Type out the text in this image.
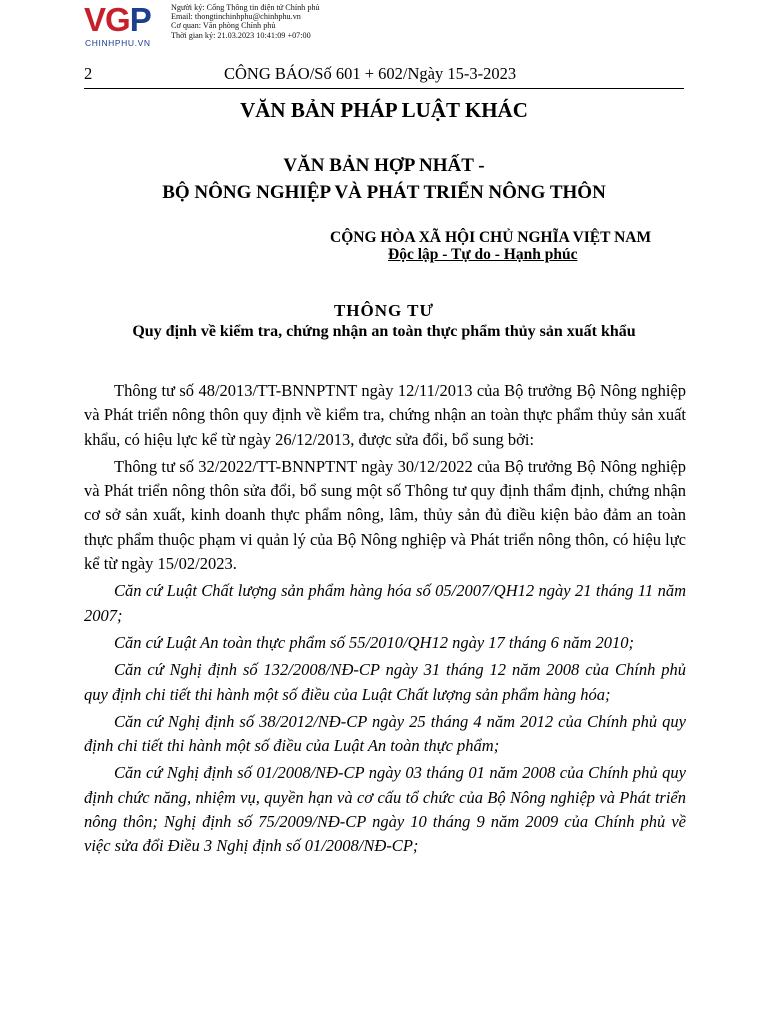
VGP
CHINHPHU.VN
Người ký: Cổng Thông tin điện tử Chính phủ
Email: thongtinchinhphu@chinhphu.vn
Cơ quan: Văn phòng Chính phủ
Thời gian ký: 21.03.2023 10:41:09 +07:00
2	CÔNG BÁO/Số 601 + 602/Ngày 15-3-2023
VĂN BẢN PHÁP LUẬT KHÁC
VĂN BẢN HỢP NHẤT -
BỘ NÔNG NGHIỆP VÀ PHÁT TRIỂN NÔNG THÔN
CỘNG HÒA XÃ HỘI CHỦ NGHĨA VIỆT NAM
Độc lập - Tự do - Hạnh phúc
THÔNG TƯ
Quy định về kiểm tra, chứng nhận an toàn thực phẩm thủy sản xuất khẩu

Thông tư số 48/2013/TT-BNNPTNT ngày 12/11/2013 của Bộ trưởng Bộ Nông nghiệp và Phát triển nông thôn quy định về kiểm tra, chứng nhận an toàn thực phẩm thủy sản xuất khẩu, có hiệu lực kể từ ngày 26/12/2013, được sửa đổi, bổ sung bởi:

Thông tư số 32/2022/TT-BNNPTNT ngày 30/12/2022 của Bộ trưởng Bộ Nông nghiệp và Phát triển nông thôn sửa đổi, bổ sung một số Thông tư quy định thẩm định, chứng nhận cơ sở sản xuất, kinh doanh thực phẩm nông, lâm, thủy sản đủ điều kiện bảo đảm an toàn thực phẩm thuộc phạm vi quản lý của Bộ Nông nghiệp và Phát triển nông thôn, có hiệu lực kể từ ngày 15/02/2023.

Căn cứ Luật Chất lượng sản phẩm hàng hóa số 05/2007/QH12 ngày 21 tháng 11 năm 2007;

Căn cứ Luật An toàn thực phẩm số 55/2010/QH12 ngày 17 tháng 6 năm 2010;

Căn cứ Nghị định số 132/2008/NĐ-CP ngày 31 tháng 12 năm 2008 của Chính phủ quy định chi tiết thi hành một số điều của Luật Chất lượng sản phẩm hàng hóa;

Căn cứ Nghị định số 38/2012/NĐ-CP ngày 25 tháng 4 năm 2012 của Chính phủ quy định chi tiết thi hành một số điều của Luật An toàn thực phẩm;

Căn cứ Nghị định số 01/2008/NĐ-CP ngày 03 tháng 01 năm 2008 của Chính phủ quy định chức năng, nhiệm vụ, quyền hạn và cơ cấu tổ chức của Bộ Nông nghiệp và Phát triển nông thôn; Nghị định số 75/2009/NĐ-CP ngày 10 tháng 9 năm 2009 của Chính phủ về việc sửa đổi Điều 3 Nghị định số 01/2008/NĐ-CP;
